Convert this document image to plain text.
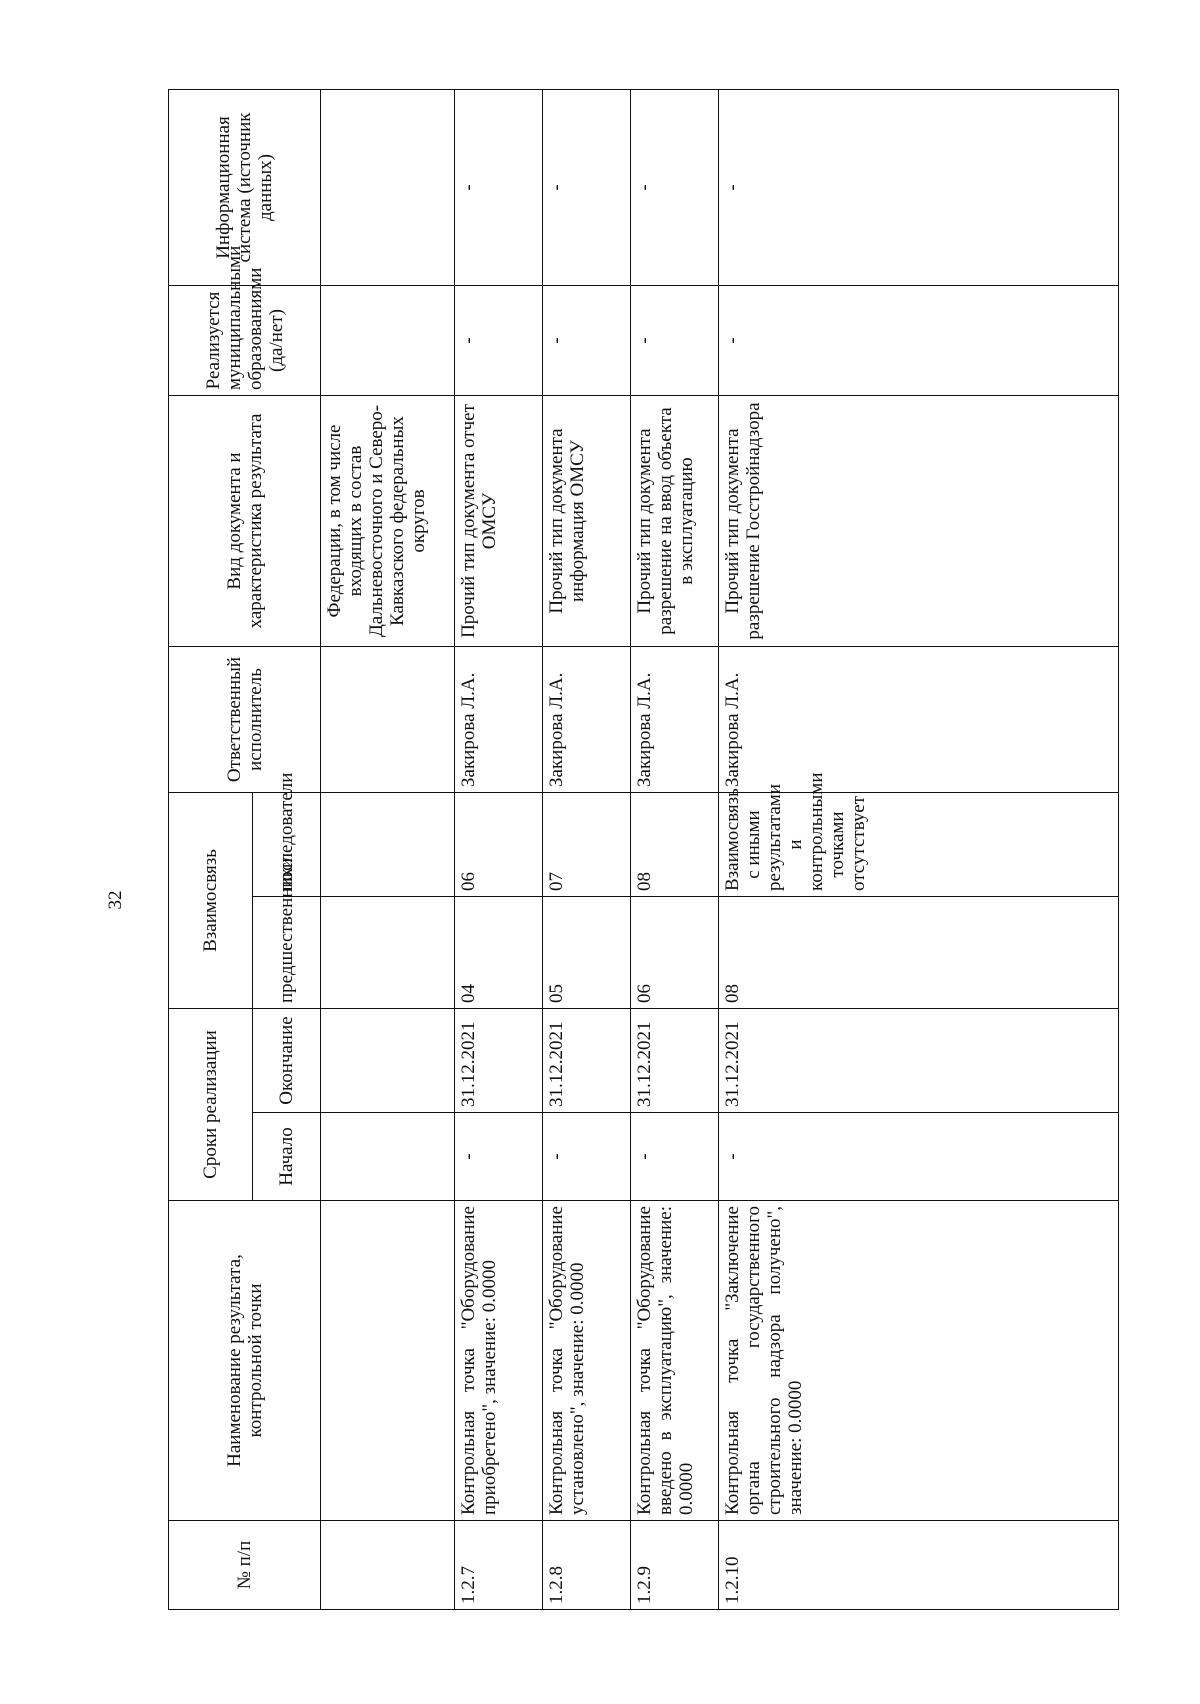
32
№ п/п	Наименование результата, контрольной точки	Сроки реализации		Взаимосвязь		Ответственный исполнитель	Вид документа и характеристика результата	Реализуется муниципальными образованиями (да/нет)	Информационная система (источник данных)
		Начало	Окончание	предшественники	последователи				
							Федерации, в том числе входящих в состав Дальневосточного и Северо-Кавказского федеральных округов		
1.2.7	Контрольная точка "Оборудование приобретено", значение: 0.0000	-	31.12.2021	04	06	Закирова Л.А.	Прочий тип документа отчет ОМСУ	-	-
1.2.8	Контрольная точка "Оборудование установлено", значение: 0.0000	-	31.12.2021	05	07	Закирова Л.А.	Прочий тип документа информация ОМСУ	-	-
1.2.9	Контрольная точка "Оборудование введено в эксплуатацию", значение: 0.0000	-	31.12.2021	06	08	Закирова Л.А.	Прочий тип документа разрешение на ввод объекта в эксплуатацию	-	-
1.2.10	Контрольная точка "Заключение органа государственного строительного надзора получено", значение: 0.0000	-	31.12.2021	08	Взаимосвязь с иными результатами и контрольными точками отсутствует	Закирова Л.А.	Прочий тип документа разрешение Госстройнадзора	-	-
